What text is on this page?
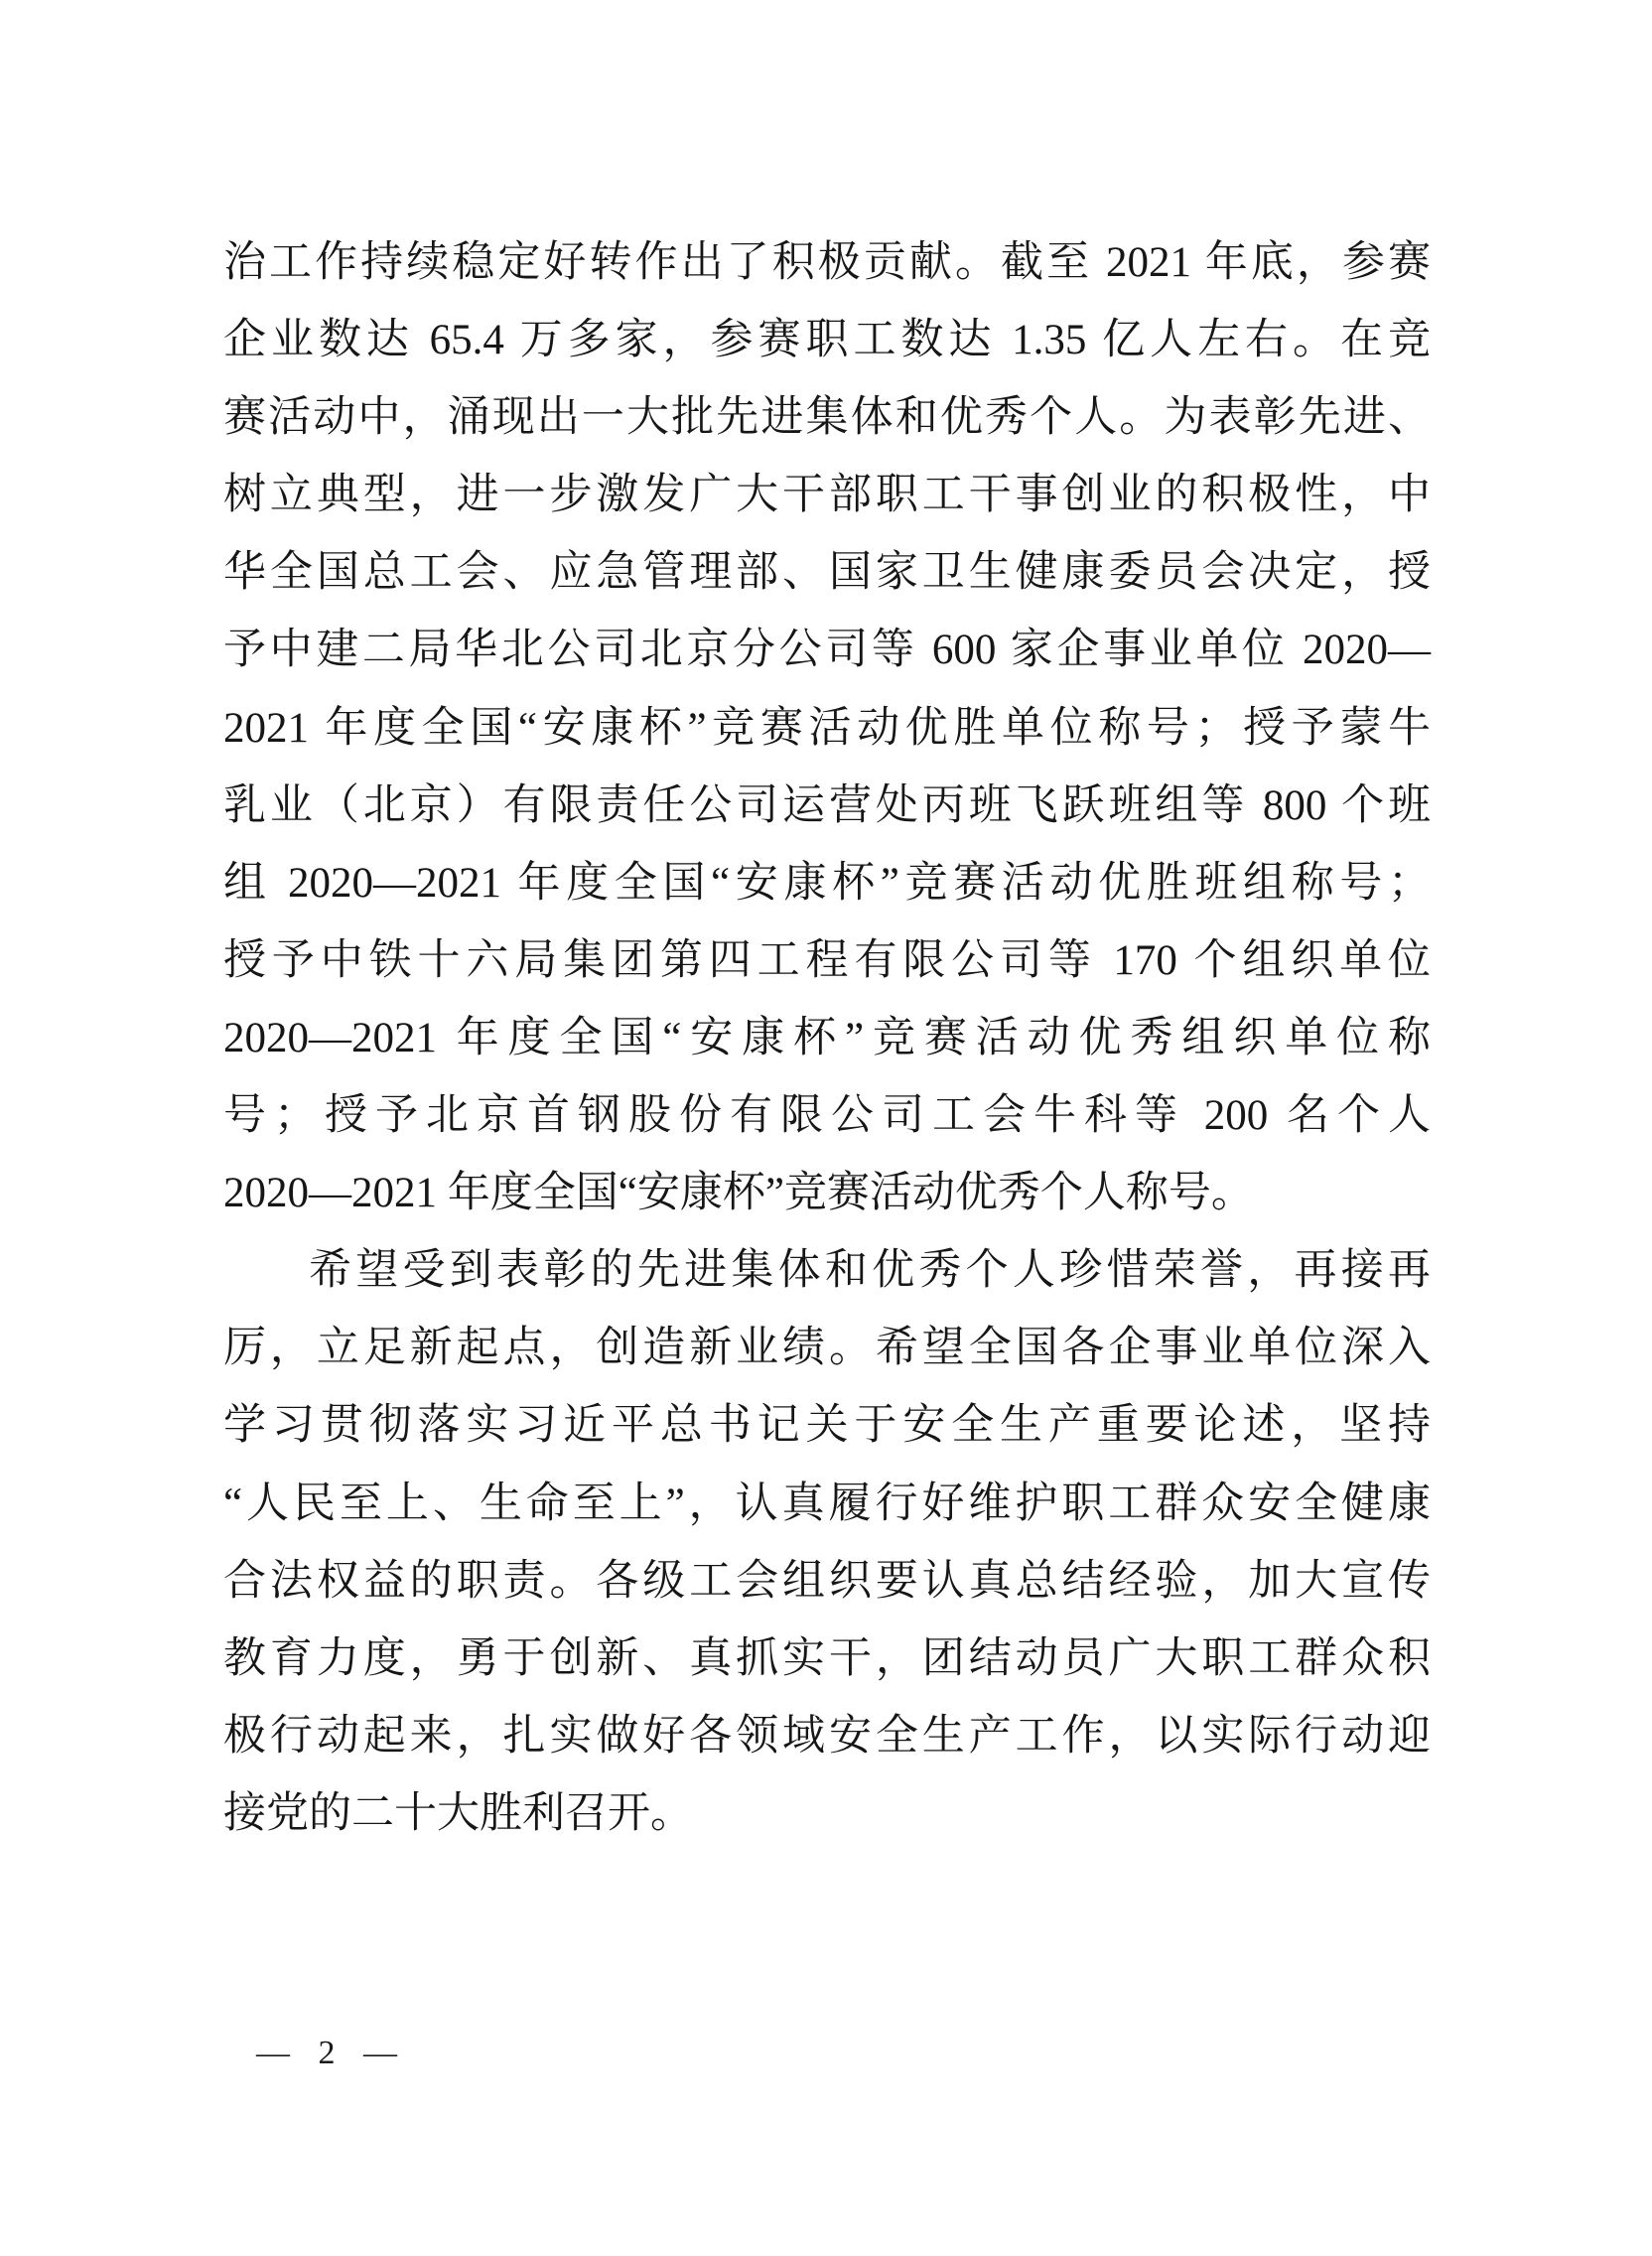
治工作持续稳定好转作出了积极贡献。截至 2021 年底，参赛
企业数达 65.4 万多家，参赛职工数达 1.35 亿人左右。在竞
赛活动中，涌现出一大批先进集体和优秀个人。为表彰先进、
树立典型，进一步激发广大干部职工干事创业的积极性，中
华全国总工会、应急管理部、国家卫生健康委员会决定，授
予中建二局华北公司北京分公司等 600 家企事业单位 2020—
2021 年度全国“安康杯”竞赛活动优胜单位称号；授予蒙牛
乳业（北京）有限责任公司运营处丙班飞跃班组等 800 个班
组 2020—2021 年度全国“安康杯”竞赛活动优胜班组称号；
授予中铁十六局集团第四工程有限公司等 170 个组织单位
2020—2021 年度全国“安康杯”竞赛活动优秀组织单位称
号；授予北京首钢股份有限公司工会牛科等 200 名个人
2020—2021 年度全国“安康杯”竞赛活动优秀个人称号。
希望受到表彰的先进集体和优秀个人珍惜荣誉，再接再
厉，立足新起点，创造新业绩。希望全国各企事业单位深入
学习贯彻落实习近平总书记关于安全生产重要论述，坚持
“人民至上、生命至上”，认真履行好维护职工群众安全健康
合法权益的职责。各级工会组织要认真总结经验，加大宣传
教育力度，勇于创新、真抓实干，团结动员广大职工群众积
极行动起来，扎实做好各领域安全生产工作，以实际行动迎
接党的二十大胜利召开。
— 2 —
